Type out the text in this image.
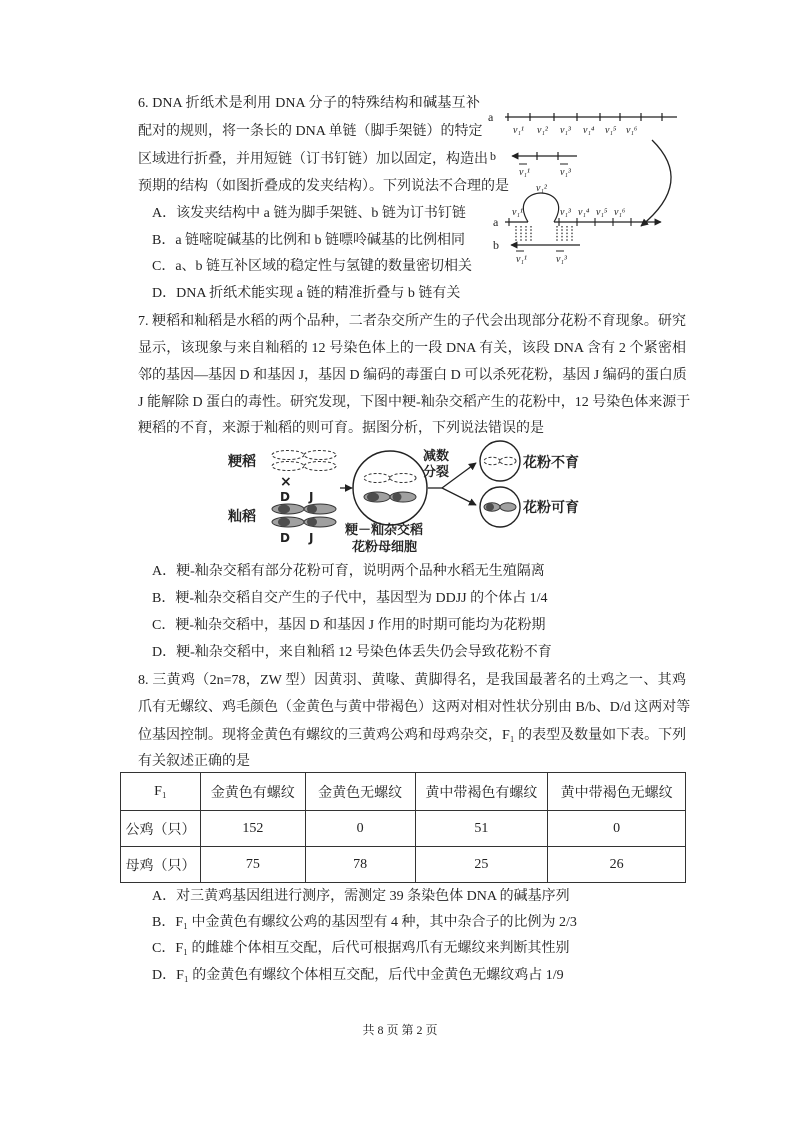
6. DNA 折纸术是利用 DNA 分子的特殊结构和碱基互补
配对的规则，将一条长的 DNA 单链（脚手架链）的特定
区域进行折叠，并用短链（订书钉链）加以固定，构造出
预期的结构（如图折叠成的发夹结构）。下列说法不合理的是
A．该发夹结构中 a 链为脚手架链、b 链为订书钉链
B．a 链嘧啶碱基的比例和 b 链嘌呤碱基的比例相同
C．a、b 链互补区域的稳定性与氢键的数量密切相关
D．DNA 折纸术能实现 a 链的精准折叠与 b 链有关
a
v₁¹ v₁² v₁³ v₁⁴ v₁⁵ v₁⁶
b
v₁¹	v₁³
v₁²
a
v₁¹	v₁³ v₁⁴ v₁⁵ v₁⁶
b
v₁¹	v₁³
7. 粳稻和籼稻是水稻的两个品种，二者杂交所产生的子代会出现部分花粉不育现象。研究
显示，该现象与来自籼稻的 12 号染色体上的一段 DNA 有关，该段 DNA 含有 2 个紧密相
邻的基因—基因 D 和基因 J，基因 D 编码的毒蛋白 D 可以杀死花粉，基因 J 编码的蛋白质
J 能解除 D 蛋白的毒性。研究发现，下图中粳-籼杂交稻产生的花粉中，12 号染色体来源于
粳稻的不育，来源于籼稻的则可育。据图分析，下列说法错误的是
粳稻
×
D J
籼稻
D J 粳－籼杂交稻
花粉母细胞
减数
分裂
花粉不育
花粉可育
A．粳-籼杂交稻有部分花粉可育，说明两个品种水稻无生殖隔离
B．粳-籼杂交稻自交产生的子代中，基因型为 DDJJ 的个体占 1/4
C．粳-籼杂交稻中，基因 D 和基因 J 作用的时期可能均为花粉期
D．粳-籼杂交稻中，来自籼稻 12 号染色体丢失仍会导致花粉不育
8. 三黄鸡（2n=78，ZW 型）因黄羽、黄喙、黄脚得名，是我国最著名的土鸡之一、其鸡
爪有无螺纹、鸡毛颜色（金黄色与黄中带褐色）这两对相对性状分别由 B/b、D/d 这两对等
位基因控制。现将金黄色有螺纹的三黄鸡公鸡和母鸡杂交，F₁ 的表型及数量如下表。下列
有关叙述正确的是
F₁	金黄色有螺纹	金黄色无螺纹	黄中带褐色有螺纹	黄中带褐色无螺纹
公鸡（只）	152	0	51	0
母鸡（只）	75	78	25	26
A．对三黄鸡基因组进行测序，需测定 39 条染色体 DNA 的碱基序列
B．F₁ 中金黄色有螺纹公鸡的基因型有 4 种，其中杂合子的比例为 2/3
C．F₁ 的雌雄个体相互交配，后代可根据鸡爪有无螺纹来判断其性别
D．F₁ 的金黄色有螺纹个体相互交配，后代中金黄色无螺纹鸡占 1/9
共 8 页 第 2 页
